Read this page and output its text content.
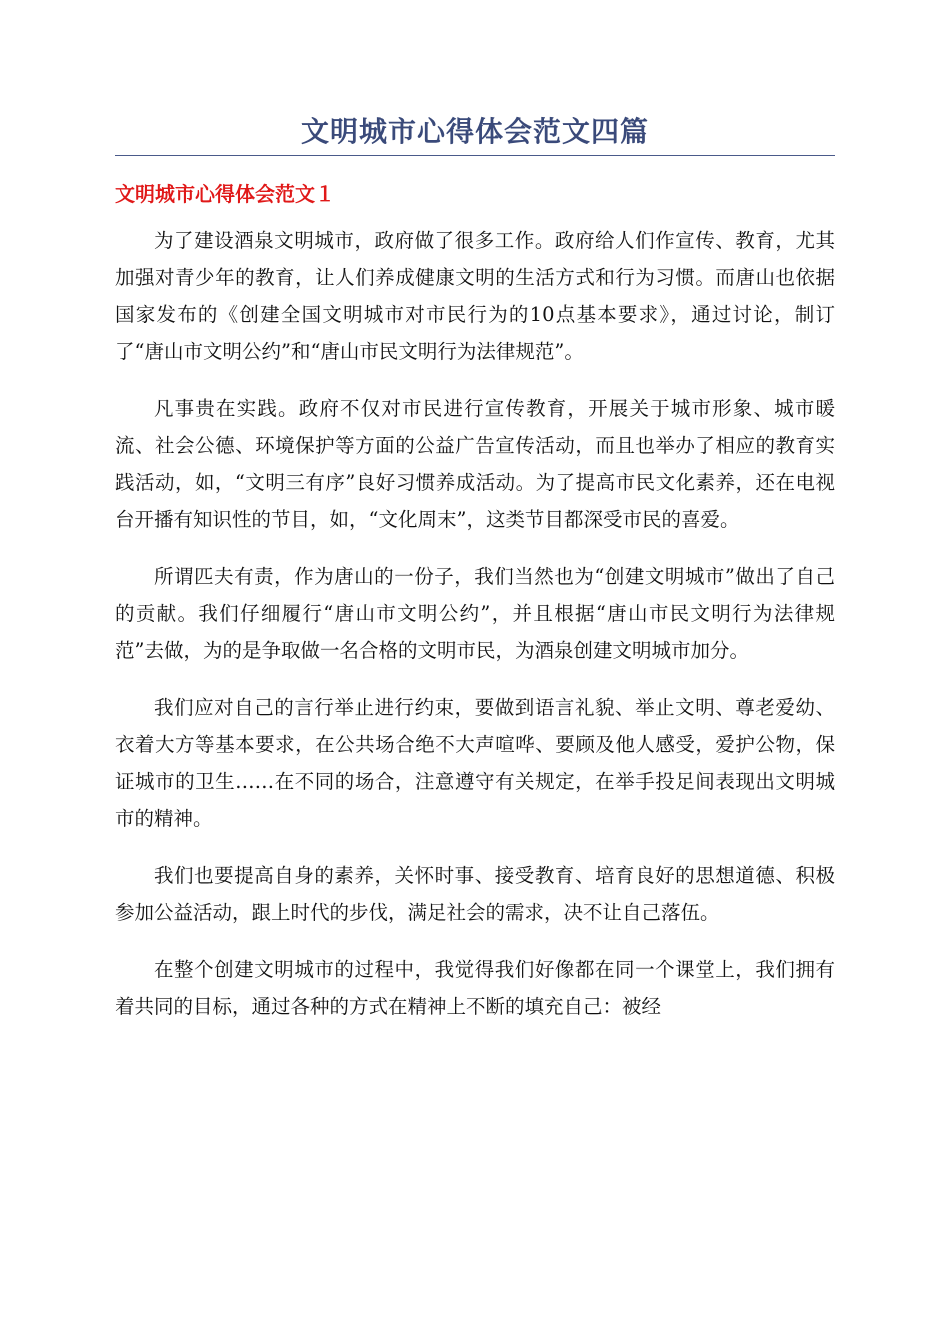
文明城市心得体会范文四篇
文明城市心得体会范文１

为了建设酒泉文明城市，政府做了很多工作。政府给人们作宣传、教育，尤其加强对青少年的教育，让人们养成健康文明的生活方式和行为习惯。而唐山也依据国家发布的《创建全国文明城市对市民行为的10点基本要求》，通过讨论，制订了“唐山市文明公约”和“唐山市民文明行为法律规范”。

凡事贵在实践。政府不仅对市民进行宣传教育，开展关于城市形象、城市暖流、社会公德、环境保护等方面的公益广告宣传活动，而且也举办了相应的教育实践活动，如，“文明三有序”良好习惯养成活动。为了提高市民文化素养，还在电视台开播有知识性的节目，如，“文化周末”，这类节目都深受市民的喜爱。

所谓匹夫有责，作为唐山的一份子，我们当然也为“创建文明城市”做出了自己的贡献。我们仔细履行“唐山市文明公约”，并且根据“唐山市民文明行为法律规范”去做，为的是争取做一名合格的文明市民，为酒泉创建文明城市加分。

我们应对自己的言行举止进行约束，要做到语言礼貌、举止文明、尊老爱幼、衣着大方等基本要求，在公共场合绝不大声喧哗、要顾及他人感受，爱护公物，保证城市的卫生……在不同的场合，注意遵守有关规定，在举手投足间表现出文明城市的精神。

我们也要提高自身的素养，关怀时事、接受教育、培育良好的思想道德、积极参加公益活动，跟上时代的步伐，满足社会的需求，决不让自己落伍。

在整个创建文明城市的过程中，我觉得我们好像都在同一个课堂上，我们拥有着共同的目标，通过各种的方式在精神上不断的填充自己：被经
